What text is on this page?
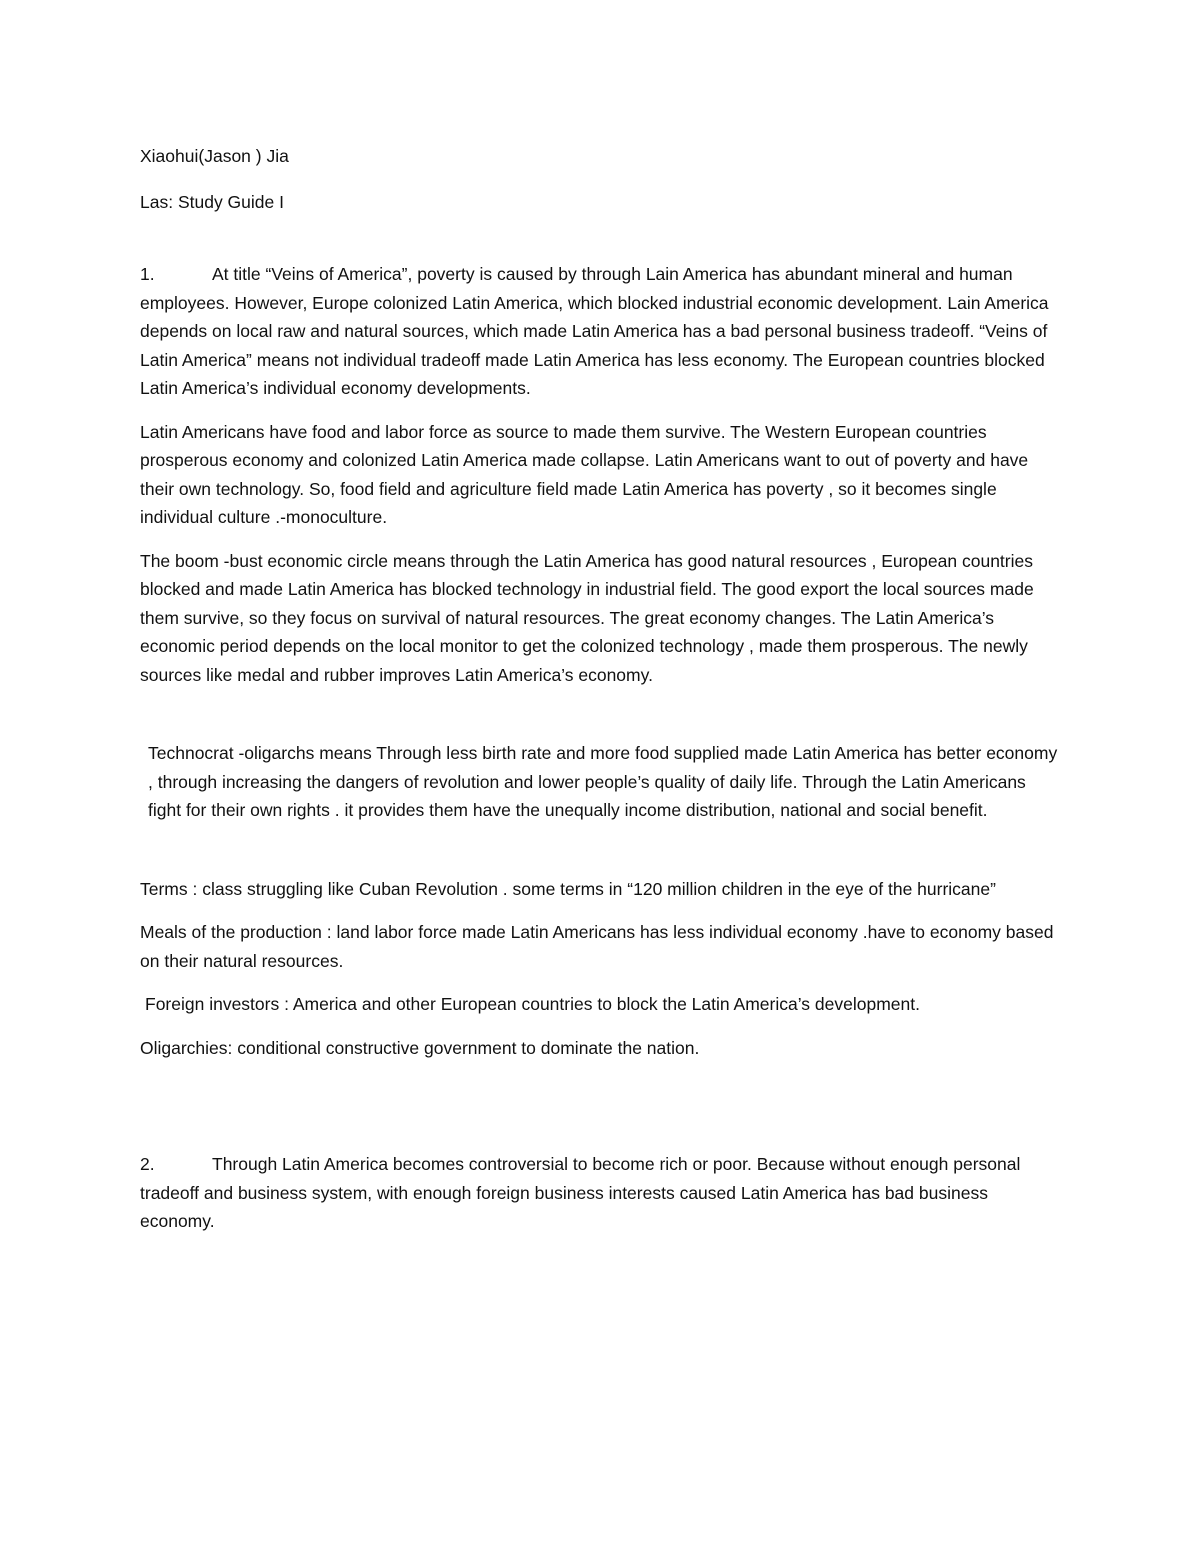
Xiaohui(Jason ) Jia

Las: Study Guide I

1.	At title “Veins of America”, poverty is caused by through Lain America has abundant mineral and human employees. However, Europe colonized Latin America, which blocked industrial economic development. Lain America depends on local raw and natural sources, which made Latin America has a bad personal business tradeoff. “Veins of Latin America” means not individual tradeoff made Latin America has less economy. The European countries blocked Latin America’s individual economy developments.

Latin Americans have food and labor force as source to made them survive. The Western European countries prosperous economy and colonized Latin America made collapse. Latin Americans want to out of poverty and have their own technology. So, food field and agriculture field made Latin America has poverty , so it becomes single individual culture .-monoculture.

The boom -bust economic circle means through the Latin America has good natural resources , European countries blocked and made Latin America has blocked technology in industrial field. The good export the local sources made them survive, so they focus on survival of natural resources. The great economy changes. The Latin America’s economic period depends on the local monitor to get the colonized technology , made them prosperous. The newly sources like medal and rubber improves Latin America’s economy.

Technocrat -oligarchs means Through less birth rate and more food supplied made Latin America has better economy , through increasing the dangers of revolution and lower people’s quality of daily life. Through the Latin Americans fight for their own rights . it provides them have the unequally income distribution, national and social benefit.

Terms : class struggling like Cuban Revolution . some terms in “120 million children in the eye of the hurricane”

Meals of the production : land labor force made Latin Americans has less individual economy .have to economy based on their natural resources.

Foreign investors : America and other European countries to block the Latin America’s development.

Oligarchies: conditional constructive government to dominate the nation.

2.	Through Latin America becomes controversial to become rich or poor. Because without enough personal tradeoff and business system, with enough foreign business interests caused Latin America has bad business economy.
